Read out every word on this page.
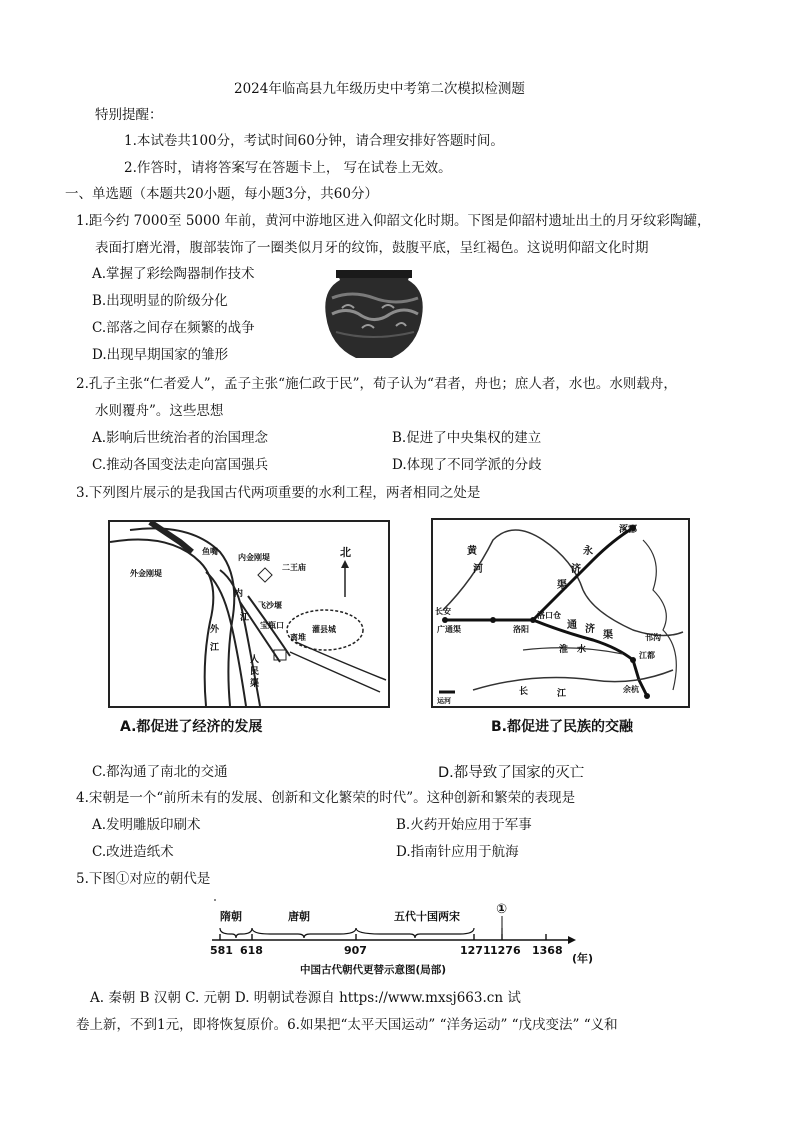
2024年临高县九年级历史中考第二次模拟检测题
特别提醒：
1.本试卷共100分，考试时间60分钟，请合理安排好答题时间。
2.作答时，请将答案写在答题卡上， 写在试卷上无效。
一、单选题（本题共20小题，每小题3分，共60分）
1.距今约 7000至 5000 年前，黄河中游地区进入仰韶文化时期。下图是仰韶村遗址出土的月牙纹彩陶罐，
表面打磨光滑，腹部装饰了一圈类似月牙的纹饰，鼓腹平底，呈红褐色。这说明仰韶文化时期
A.掌握了彩绘陶器制作技术
B.出现明显的阶级分化
C.部落之间存在频繁的战争
D.出现早期国家的雏形
2.孔子主张“仁者爱人”，孟子主张“施仁政于民”，荀子认为“君者，舟也；庶人者，水也。水则载舟，
水则覆舟”。这些思想
A.影响后世统治者的治国理念	B.促进了中央集权的建立
C.推动各国变法走向富国强兵	D.体现了不同学派的分歧
3.下列图片展示的是我国古代两项重要的水利工程，两者相同之处是
北
内
外
江
江
人
民
渠
二王庙
飞沙堰
宝瓶口
离堆
灌县城
鱼嘴
内金刚堤
外金刚堤
涿郡
黄
河
永
济
渠
长安
洛阳	通 济
渠
淮 水
洛口仓
江都
余杭
长	江
邗沟
广通渠
运河
A.都促进了经济的发展	B.都促进了民族的交融
C.都沟通了南北的交通	D.都导致了国家的灭亡
4.宋朝是一个“前所未有的发展、创新和文化繁荣的时代”。这种创新和繁荣的表现是
A.发明雕版印刷术	B.火药开始应用于军事
C.改进造纸术	D.指南针应用于航海
5.下图①对应的朝代是
隋朝	唐朝	五代十国两宋	①
581 618	907	1271 1276 1368
(年)
中国古代朝代更替示意图(局部)
A. 秦朝 B 汉朝 C. 元朝 D. 明朝试卷源自 https://www.mxsj663.cn 试
卷上新，不到1元，即将恢复原价。6.如果把“太平天国运动” “洋务运动” “戊戌变法” “义和
